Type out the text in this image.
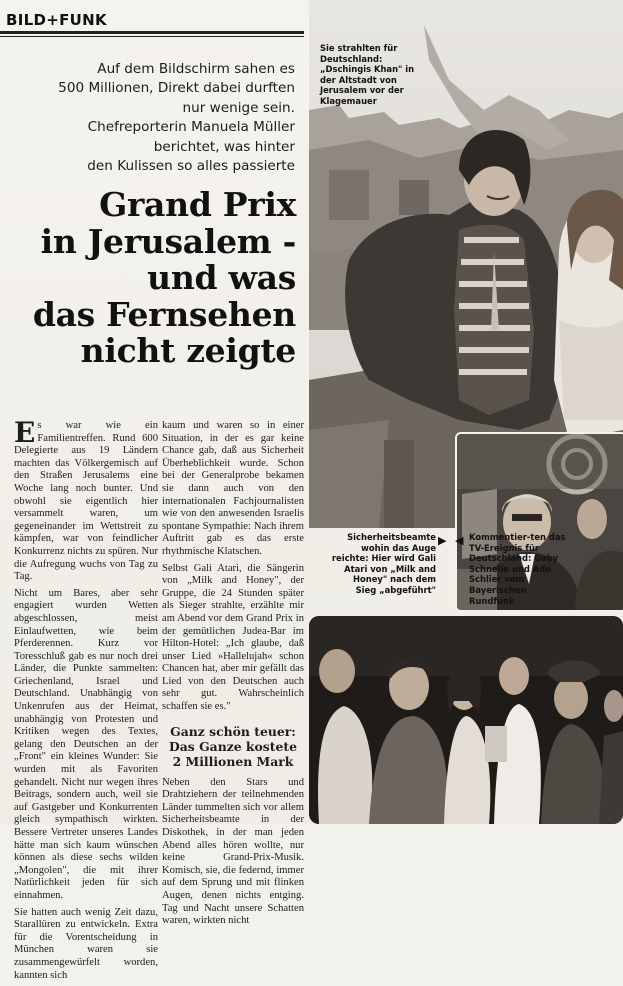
BILD+FUNK
Auf dem Bildschirm sahen es
500 Millionen, Direkt dabei durften
nur wenige sein.
Chefreporterin Manuela Müller
berichtet, was hinter
den Kulissen so alles passierte
Grand Prix
in Jerusalem -
und was
das Fernsehen
nicht zeigte

Es war wie ein Familientreffen. Rund 600 Delegierte aus 19 Ländern machten das Völkergemisch auf den Straßen Jerusalems eine Woche lang noch bunter. Und obwohl sie eigentlich hier versammelt waren, um gegeneinander im Wettstreit zu kämpfen, war von feindlicher Konkurrenz nichts zu spüren. Nur die Aufregung wuchs von Tag zu Tag.

Nicht um Bares, aber sehr engagiert wurden Wetten abgeschlossen, meist Einlaufwetten, wie beim Pferderennen. Kurz vor Toresschluß gab es nur noch drei Länder, die Punkte sammelten: Griechenland, Israel und Deutschland. Unabhängig von Unkenrufen aus der Heimat, unabhängig von Protesten und Kritiken wegen des Textes, gelang den Deutschen an der „Front" ein kleines Wunder: Sie wurden mit als Favoriten gehandelt. Nicht nur wegen ihres Beitrags, sondern auch, weil sie auf Gastgeber und Konkurrenten gleich sympathisch wirkten. Bessere Vertreter unseres Landes hätte man sich kaum wünschen können als diese sechs wilden „Mongolen", die mit ihrer Natürlichkeit jeden für sich einnahmen.

Sie hatten auch wenig Zeit dazu, Starallüren zu entwickeln. Extra für die Vorentscheidung in München waren sie zusammengewürfelt worden, kannten sich

kaum und waren so in einer Situation, in der es gar keine Chance gab, daß aus Sicherheit Überheblichkeit wurde. Schon bei der Generalprobe bekamen sie dann auch von den internationalen Fachjournalisten wie von den anwesenden Israelis spontane Sympathie: Nach ihrem Auftritt gab es das erste rhythmische Klatschen.

Selbst Gali Atari, die Sängerin von „Milk and Honey", der Gruppe, die 24 Stunden später als Sieger strahlte, erzählte mir am Abend vor dem Grand Prix in der gemütlichen Judea-Bar im Hilton-Hotel: „Ich glaube, daß unser Lied »Hallelujah« schon Chancen hat, aber mir gefällt das Lied von den Deutschen auch sehr gut. Wahrscheinlich schaffen sie es."

Ganz schön teuer:
Das Ganze kostete
2 Millionen Mark

Neben den Stars und Drahtziehern der teilnehmenden Länder tummelten sich vor allem Sicherheitsbeamte in der Diskothek, in der man jeden Abend alles hören wollte, nur keine Grand-Prix-Musik. Komisch, sie, die federnd, immer auf dem Sprung und mit flinken Augen, denen nichts entging. Tag und Nacht unsere Schatten waren, wirkten nicht

Sie strahlten für Deutschland: „Dschingis Khan" in der Altstadt von Jerusalem vor der Klagemauer
Sicherheitsbeamte wohin das Auge reichte: Hier wird Gali Atari von „Milk and Honey" nach dem Sieg „abgeführt"
▶ ◀ Kommentier-ten das TV-Ereignis für Deutschland: Gaby Schnelle und Ado Schlier vom Bayerischen Rundfunk
